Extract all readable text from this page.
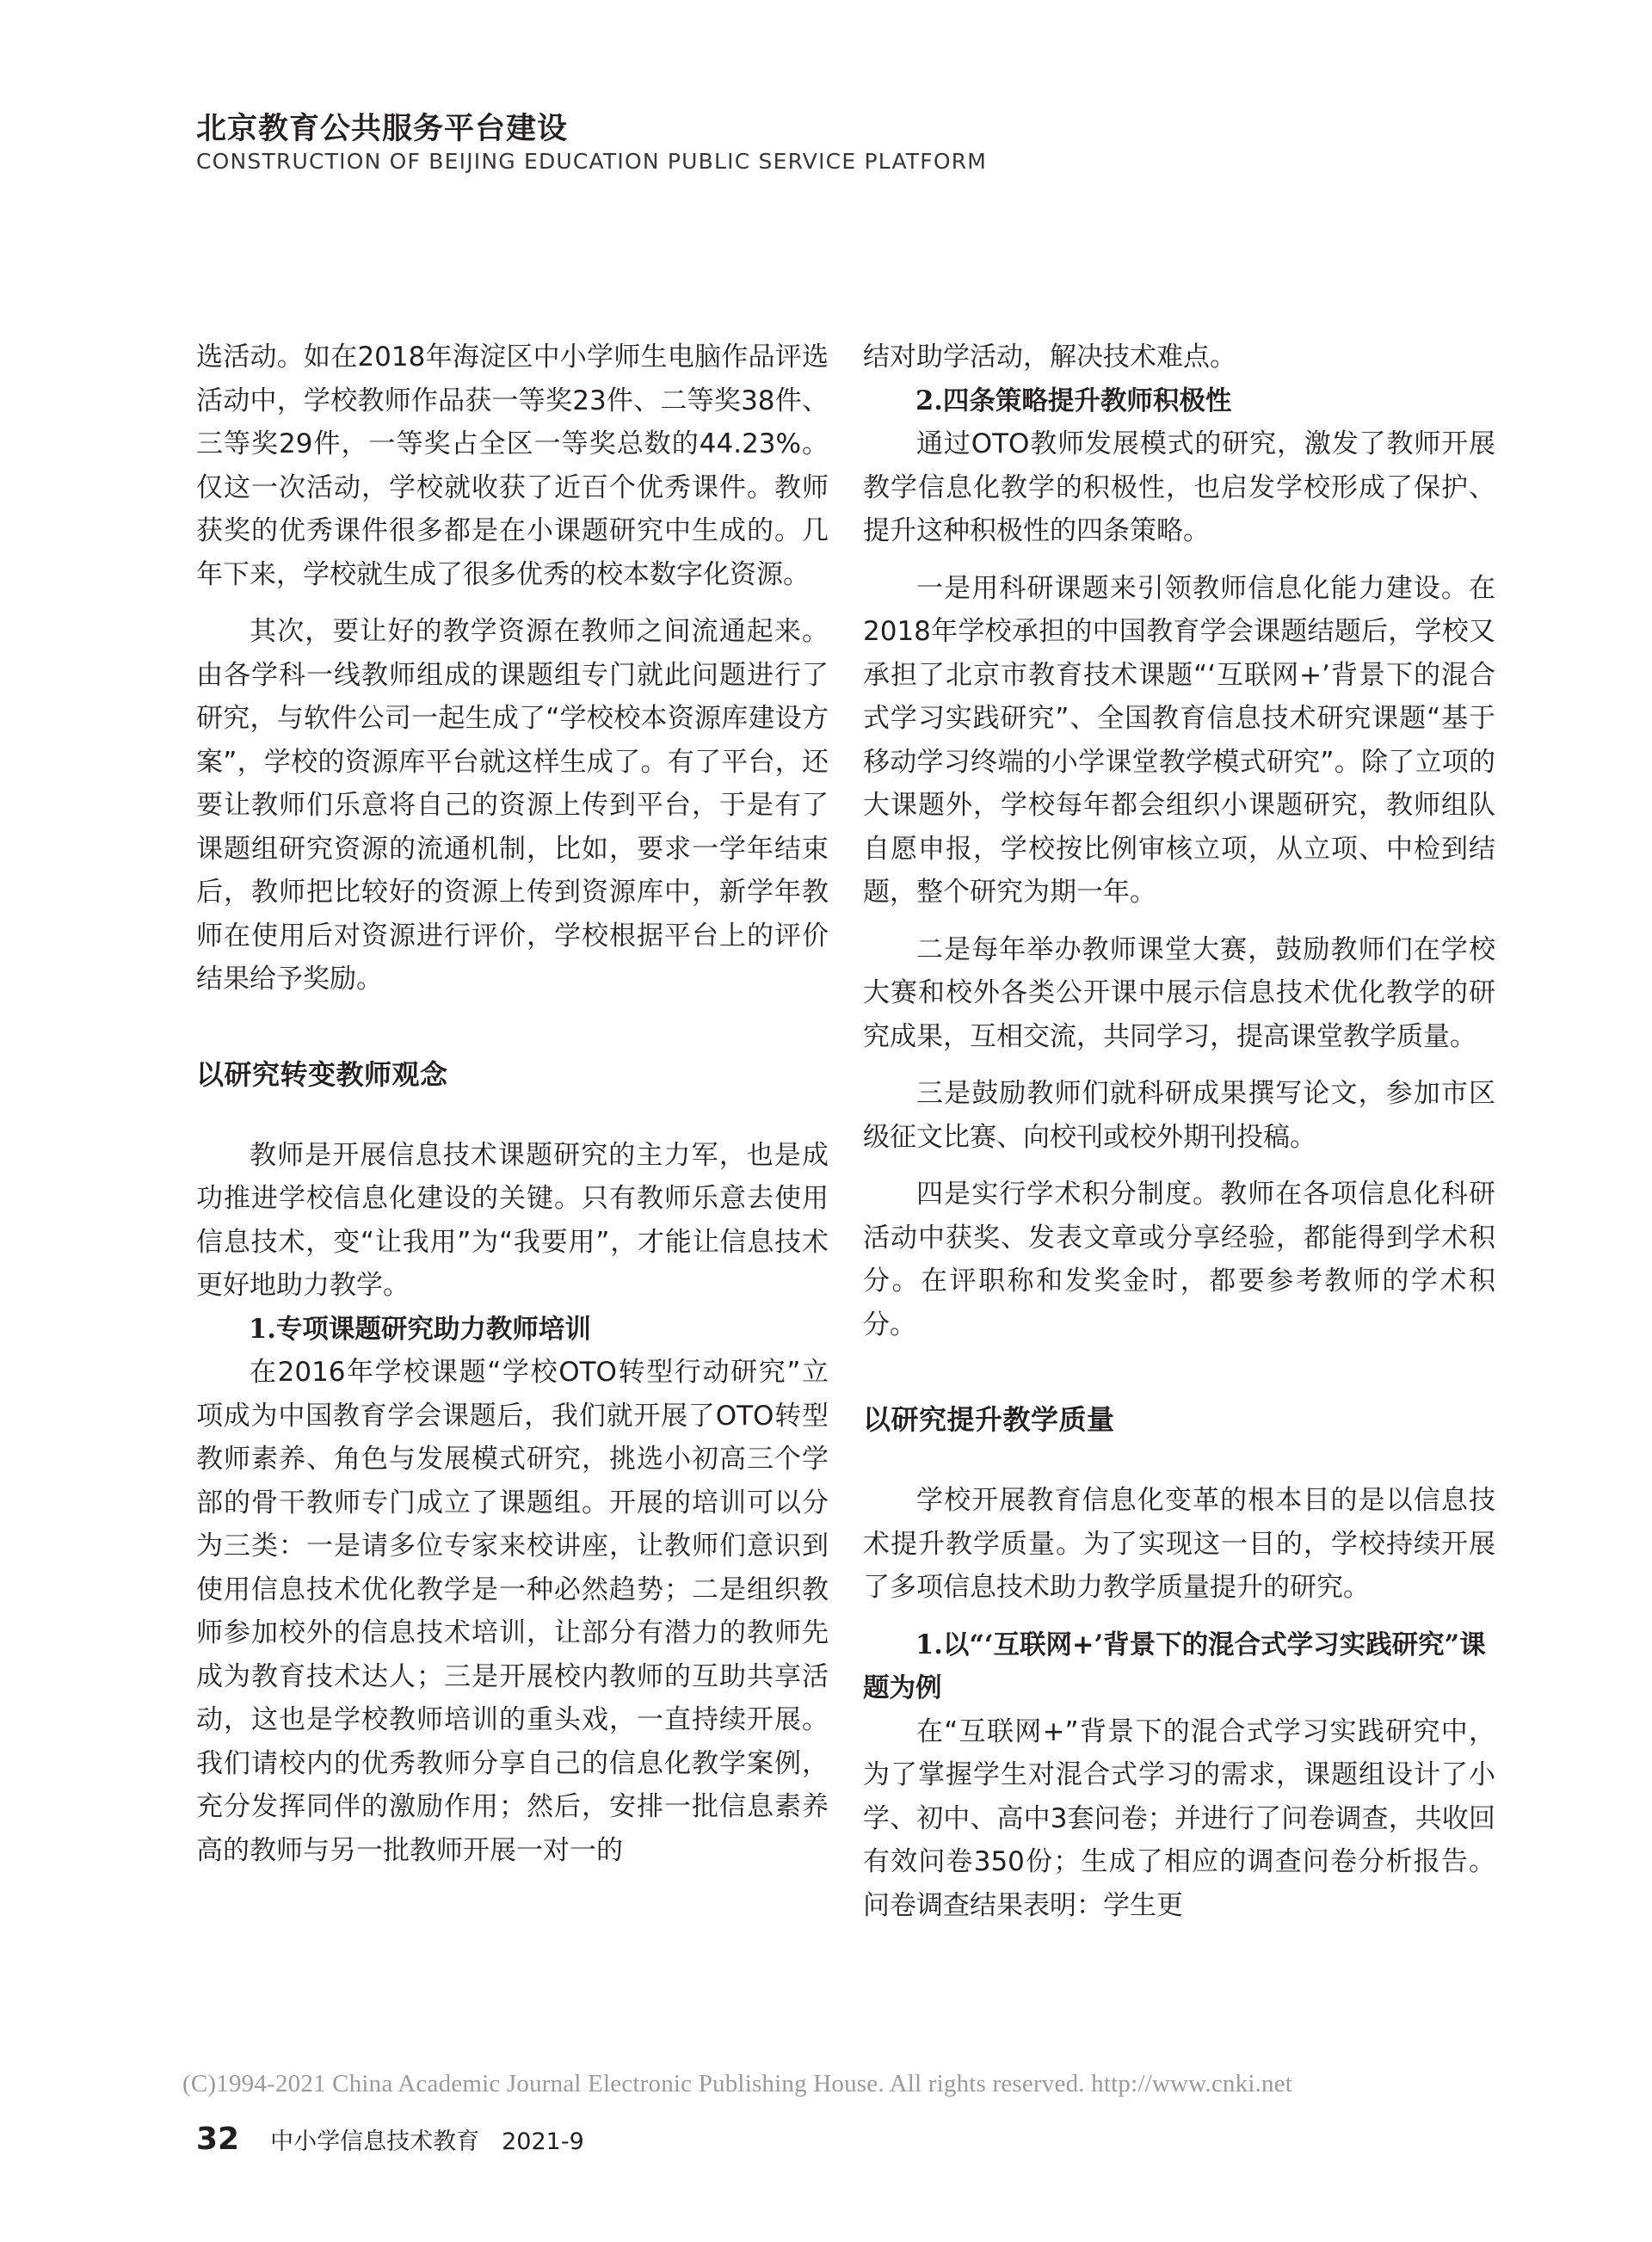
北京教育公共服务平台建设
CONSTRUCTION OF BEIJING EDUCATION PUBLIC SERVICE PLATFORM

选活动。如在2018年海淀区中小学师生电脑作品评选活动中，学校教师作品获一等奖23件、二等奖38件、三等奖29件，一等奖占全区一等奖总数的44.23%。仅这一次活动，学校就收获了近百个优秀课件。教师获奖的优秀课件很多都是在小课题研究中生成的。几年下来，学校就生成了很多优秀的校本数字化资源。

其次，要让好的教学资源在教师之间流通起来。由各学科一线教师组成的课题组专门就此问题进行了研究，与软件公司一起生成了“学校校本资源库建设方案”，学校的资源库平台就这样生成了。有了平台，还要让教师们乐意将自己的资源上传到平台，于是有了课题组研究资源的流通机制，比如，要求一学年结束后，教师把比较好的资源上传到资源库中，新学年教师在使用后对资源进行评价，学校根据平台上的评价结果给予奖励。

以研究转变教师观念

教师是开展信息技术课题研究的主力军，也是成功推进学校信息化建设的关键。只有教师乐意去使用信息技术，变“让我用”为“我要用”，才能让信息技术更好地助力教学。

1.专项课题研究助力教师培训

在2016年学校课题“学校OTO转型行动研究”立项成为中国教育学会课题后，我们就开展了OTO转型教师素养、角色与发展模式研究，挑选小初高三个学部的骨干教师专门成立了课题组。开展的培训可以分为三类：一是请多位专家来校讲座，让教师们意识到使用信息技术优化教学是一种必然趋势；二是组织教师参加校外的信息技术培训，让部分有潜力的教师先成为教育技术达人；三是开展校内教师的互助共享活动，这也是学校教师培训的重头戏，一直持续开展。我们请校内的优秀教师分享自己的信息化教学案例，充分发挥同伴的激励作用；然后，安排一批信息素养高的教师与另一批教师开展一对一的

结对助学活动，解决技术难点。

2.四条策略提升教师积极性

通过OTO教师发展模式的研究，激发了教师开展教学信息化教学的积极性，也启发学校形成了保护、提升这种积极性的四条策略。

一是用科研课题来引领教师信息化能力建设。在2018年学校承担的中国教育学会课题结题后，学校又承担了北京市教育技术课题“‘互联网+’背景下的混合式学习实践研究”、全国教育信息技术研究课题“基于移动学习终端的小学课堂教学模式研究”。除了立项的大课题外，学校每年都会组织小课题研究，教师组队自愿申报，学校按比例审核立项，从立项、中检到结题，整个研究为期一年。

二是每年举办教师课堂大赛，鼓励教师们在学校大赛和校外各类公开课中展示信息技术优化教学的研究成果，互相交流，共同学习，提高课堂教学质量。

三是鼓励教师们就科研成果撰写论文，参加市区级征文比赛、向校刊或校外期刊投稿。

四是实行学术积分制度。教师在各项信息化科研活动中获奖、发表文章或分享经验，都能得到学术积分。在评职称和发奖金时，都要参考教师的学术积分。

以研究提升教学质量

学校开展教育信息化变革的根本目的是以信息技术提升教学质量。为了实现这一目的，学校持续开展了多项信息技术助力教学质量提升的研究。

1.以“‘互联网+’背景下的混合式学习实践研究”课题为例

在“互联网+”背景下的混合式学习实践研究中，为了掌握学生对混合式学习的需求，课题组设计了小学、初中、高中3套问卷；并进行了问卷调查，共收回有效问卷350份；生成了相应的调查问卷分析报告。问卷调查结果表明：学生更

(C)1994-2021 China Academic Journal Electronic Publishing House. All rights reserved. http://www.cnki.net
32 中小学信息技术教育 2021-9
